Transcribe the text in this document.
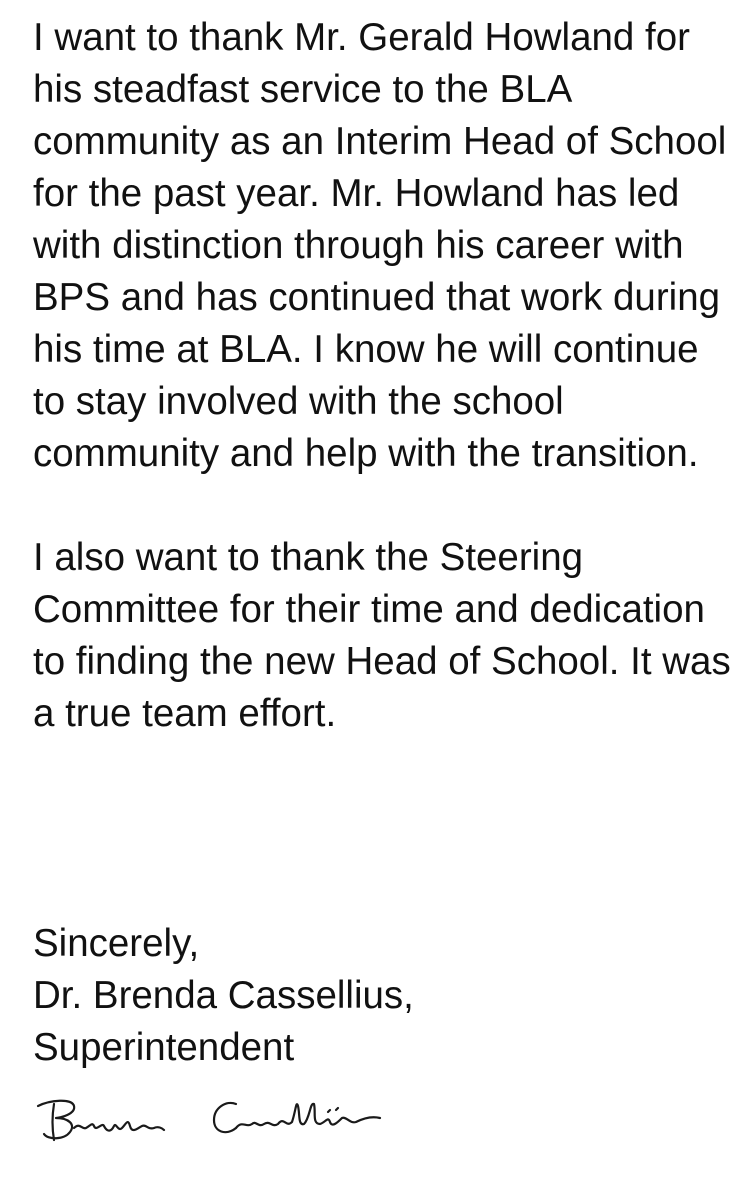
I want to thank Mr. Gerald Howland for his steadfast service to the BLA community as an Interim Head of School for the past year. Mr. Howland has led with distinction through his career with BPS and has continued that work during his time at BLA. I know he will continue to stay involved with the school community and help with the transition.

I also want to thank the Steering Committee for their time and dedication to finding the new Head of School. It was a true team effort.

Sincerely,
Dr. Brenda Cassellius,
Superintendent
